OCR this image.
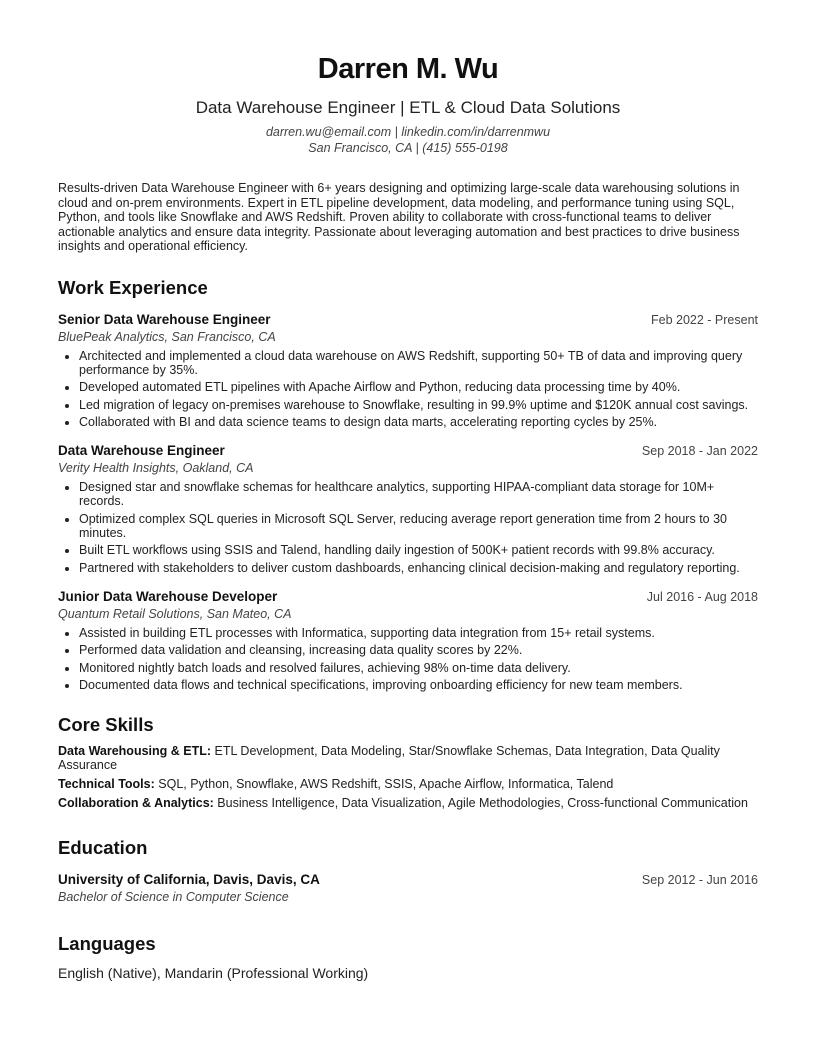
Darren M. Wu
Data Warehouse Engineer | ETL & Cloud Data Solutions
darren.wu@email.com | linkedin.com/in/darrenmwu
San Francisco, CA | (415) 555-0198
Results-driven Data Warehouse Engineer with 6+ years designing and optimizing large-scale data warehousing solutions in cloud and on-prem environments. Expert in ETL pipeline development, data modeling, and performance tuning using SQL, Python, and tools like Snowflake and AWS Redshift. Proven ability to collaborate with cross-functional teams to deliver actionable analytics and ensure data integrity. Passionate about leveraging automation and best practices to drive business insights and operational efficiency.
Work Experience
Senior Data Warehouse Engineer	Feb 2022 - Present
BluePeak Analytics, San Francisco, CA
• Architected and implemented a cloud data warehouse on AWS Redshift, supporting 50+ TB of data and improving query performance by 35%.
• Developed automated ETL pipelines with Apache Airflow and Python, reducing data processing time by 40%.
• Led migration of legacy on-premises warehouse to Snowflake, resulting in 99.9% uptime and $120K annual cost savings.
• Collaborated with BI and data science teams to design data marts, accelerating reporting cycles by 25%.
Data Warehouse Engineer	Sep 2018 - Jan 2022
Verity Health Insights, Oakland, CA
• Designed star and snowflake schemas for healthcare analytics, supporting HIPAA-compliant data storage for 10M+ records.
• Optimized complex SQL queries in Microsoft SQL Server, reducing average report generation time from 2 hours to 30 minutes.
• Built ETL workflows using SSIS and Talend, handling daily ingestion of 500K+ patient records with 99.8% accuracy.
• Partnered with stakeholders to deliver custom dashboards, enhancing clinical decision-making and regulatory reporting.
Junior Data Warehouse Developer	Jul 2016 - Aug 2018
Quantum Retail Solutions, San Mateo, CA
• Assisted in building ETL processes with Informatica, supporting data integration from 15+ retail systems.
• Performed data validation and cleansing, increasing data quality scores by 22%.
• Monitored nightly batch loads and resolved failures, achieving 98% on-time data delivery.
• Documented data flows and technical specifications, improving onboarding efficiency for new team members.
Core Skills
Data Warehousing & ETL: ETL Development, Data Modeling, Star/Snowflake Schemas, Data Integration, Data Quality Assurance
Technical Tools: SQL, Python, Snowflake, AWS Redshift, SSIS, Apache Airflow, Informatica, Talend
Collaboration & Analytics: Business Intelligence, Data Visualization, Agile Methodologies, Cross-functional Communication
Education
University of California, Davis, Davis, CA	Sep 2012 - Jun 2016
Bachelor of Science in Computer Science
Languages
English (Native), Mandarin (Professional Working)
